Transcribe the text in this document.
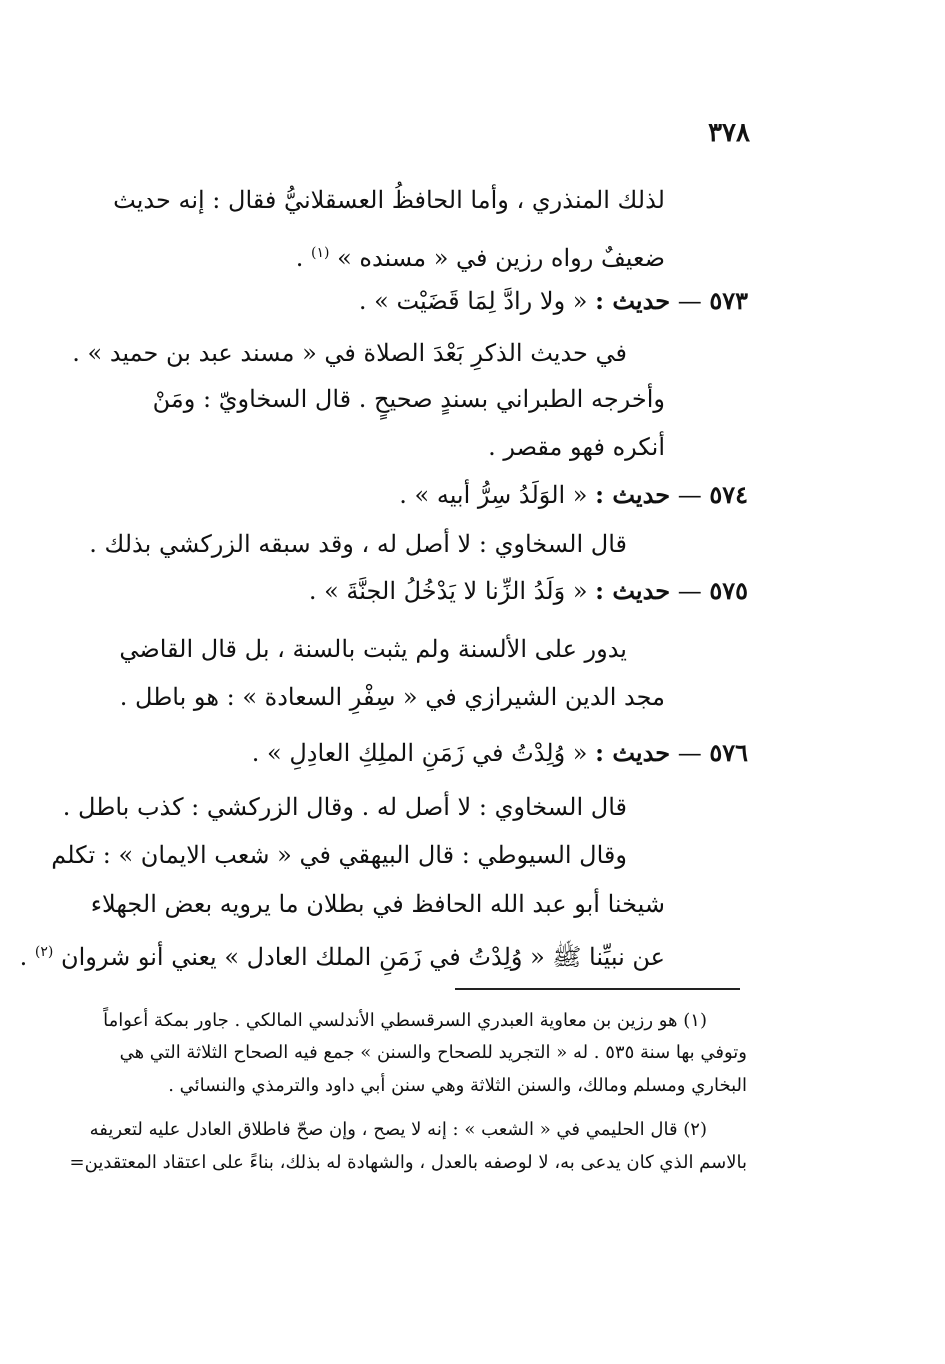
٣٧٨
لذلك المنذري ، وأما الحافظُ العسقلانيُّ فقال : إنه حديث
ضعيفٌ رواه رزين في « مسنده » $^{(١)}$ .
٥٧٣ — حديث : « ولا رادَّ لِمَا قَضَيْت » .
في حديث الذكرِ بَعْدَ الصلاة في « مسند عبد بن حميد » .
وأخرجه الطبراني بسندٍ صحيحٍ . قال السخاويّ : ومَنْ
أنكره فهو مقصر .
٥٧٤ — حديث : « الوَلَدُ سِرُّ أبيه » .
قال السخاوي : لا أصل له ، وقد سبقه الزركشي بذلك .
٥٧٥ — حديث : « وَلَدُ الزِّنا لا يَدْخُلُ الجنَّةَ » .
يدور على الألسنة ولم يثبت بالسنة ، بل قال القاضي
مجد الدين الشيرازي في « سِفْرِ السعادة » : هو باطل .
٥٧٦ — حديث : « وُلِدْتُ في زَمَنِ الملِكِ العادِلِ » .
قال السخاوي : لا أصل له . وقال الزركشي : كذب باطل .
وقال السيوطي : قال البيهقي في « شعب الايمان » : تكلم
شيخنا أبو عبد الله الحافظ في بطلان ما يرويه بعض الجهلاء
عن نبيِّنا ﷺ « وُلِدْتُ في زَمَنِ الملك العادل » يعني أنو شروان $^{(٢)}$ .
(١) هو رزين بن معاوية العبدري السرقسطي الأندلسي المالكي . جاور بمكة أعواماً
وتوفي بها سنة ٥٣٥ . له « التجريد للصحاح والسنن » جمع فيه الصحاح الثلاثة التي هي
البخاري ومسلم ومالك، والسنن الثلاثة وهي سنن أبي داود والترمذي والنسائي .
(٢) قال الحليمي في « الشعب » : إنه لا يصح ، وإن صحّ فاطلاق العادل عليه لتعريفه
بالاسم الذي كان يدعى به، لا لوصفه بالعدل ، والشهادة له بذلك، بناءً على اعتقاد المعتقدين=
